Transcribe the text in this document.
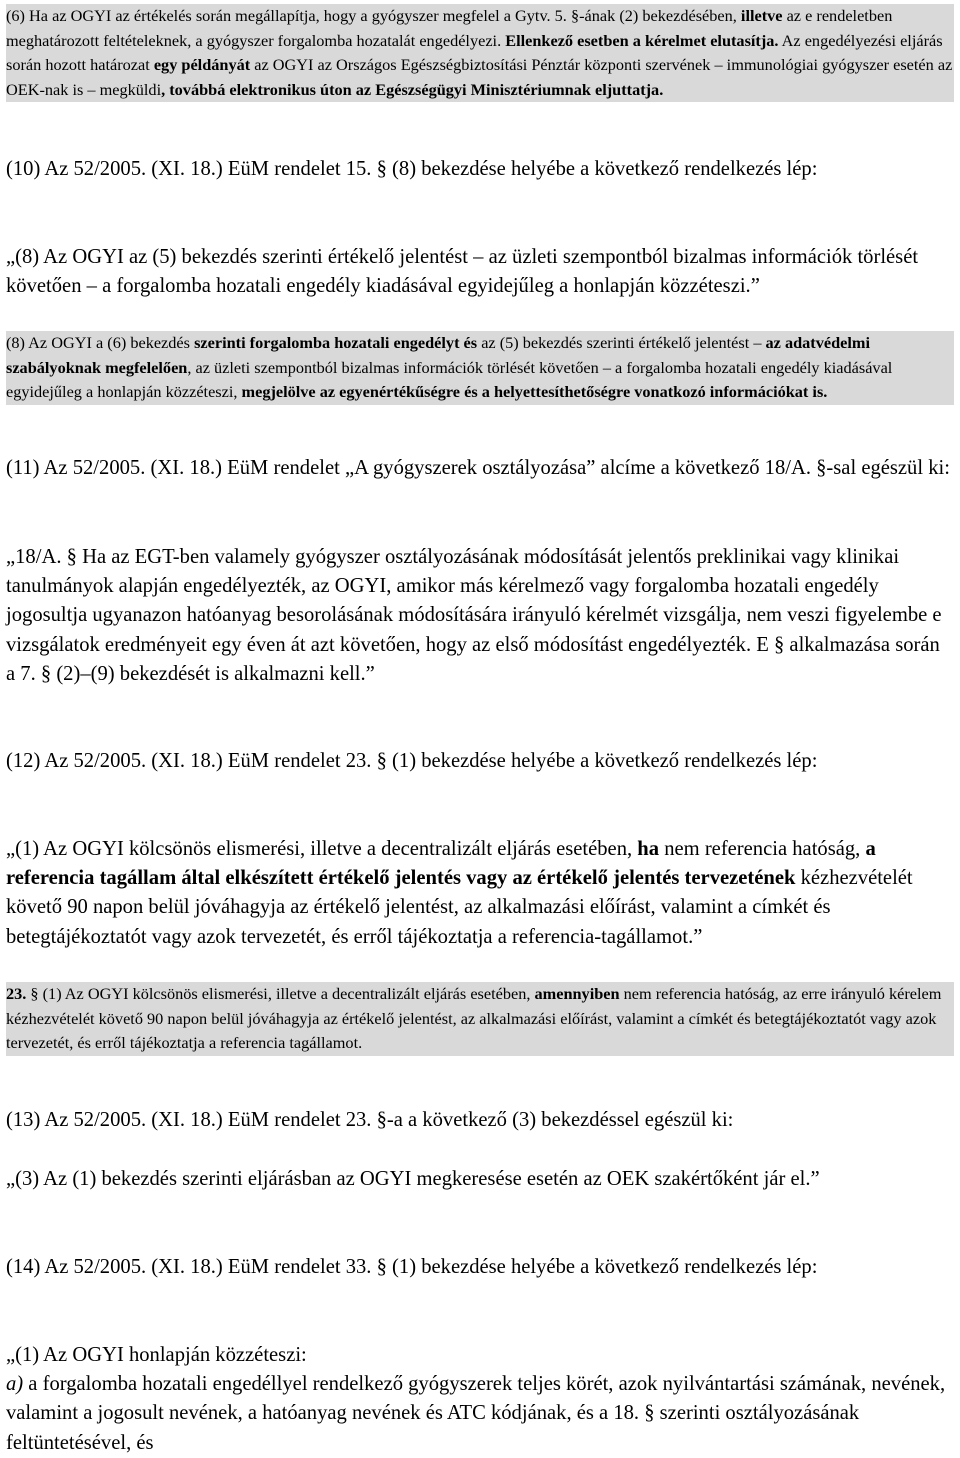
(6) Ha az OGYI az értékelés során megállapítja, hogy a gyógyszer megfelel a Gytv. 5. §-ának (2) bekezdésében, illetve az e rendeletben meghatározott feltételeknek, a gyógyszer forgalomba hozatalát engedélyezi. Ellenkező esetben a kérelmet elutasítja. Az engedélyezési eljárás során hozott határozat egy példányát az OGYI az Országos Egészségbiztosítási Pénztár központi szervének – immunológiai gyógyszer esetén az OEK-nak is – megküldi, továbbá elektronikus úton az Egészségügyi Minisztériumnak eljuttatja.

(10) Az 52/2005. (XI. 18.) EüM rendelet 15. § (8) bekezdése helyébe a következő rendelkezés lép:

„(8) Az OGYI az (5) bekezdés szerinti értékelő jelentést – az üzleti szempontból bizalmas információk törlését követően – a forgalomba hozatali engedély kiadásával egyidejűleg a honlapján közzéteszi.”

(8) Az OGYI a (6) bekezdés szerinti forgalomba hozatali engedélyt és az (5) bekezdés szerinti értékelő jelentést – az adatvédelmi szabályoknak megfelelően, az üzleti szempontból bizalmas információk törlését követően – a forgalomba hozatali engedély kiadásával egyidejűleg a honlapján közzéteszi, megjelölve az egyenértékűségre és a helyettesíthetőségre vonatkozó információkat is.

(11) Az 52/2005. (XI. 18.) EüM rendelet „A gyógyszerek osztályozása” alcíme a következő 18/A. §-sal egészül ki:

„18/A. § Ha az EGT-ben valamely gyógyszer osztályozásának módosítását jelentős preklinikai vagy klinikai tanulmányok alapján engedélyezték, az OGYI, amikor más kérelmező vagy forgalomba hozatali engedély jogosultja ugyanazon hatóanyag besorolásának módosítására irányuló kérelmét vizsgálja, nem veszi figyelembe e vizsgálatok eredményeit egy éven át azt követően, hogy az első módosítást engedélyezték. E § alkalmazása során a 7. § (2)–(9) bekezdését is alkalmazni kell.”

(12) Az 52/2005. (XI. 18.) EüM rendelet 23. § (1) bekezdése helyébe a következő rendelkezés lép:

„(1) Az OGYI kölcsönös elismerési, illetve a decentralizált eljárás esetében, ha nem referencia hatóság, a referencia tagállam által elkészített értékelő jelentés vagy az értékelő jelentés tervezetének kézhezvételét követő 90 napon belül jóváhagyja az értékelő jelentést, az alkalmazási előírást, valamint a címkét és betegtájékoztatót vagy azok tervezetét, és erről tájékoztatja a referencia-tagállamot.”

23. § (1) Az OGYI kölcsönös elismerési, illetve a decentralizált eljárás esetében, amennyiben nem referencia hatóság, az erre irányuló kérelem kézhezvételét követő 90 napon belül jóváhagyja az értékelő jelentést, az alkalmazási előírást, valamint a címkét és betegtájékoztatót vagy azok tervezetét, és erről tájékoztatja a referencia tagállamot.

(13) Az 52/2005. (XI. 18.) EüM rendelet 23. §-a a következő (3) bekezdéssel egészül ki:

„(3) Az (1) bekezdés szerinti eljárásban az OGYI megkeresése esetén az OEK szakértőként jár el.”

(14) Az 52/2005. (XI. 18.) EüM rendelet 33. § (1) bekezdése helyébe a következő rendelkezés lép:

„(1) Az OGYI honlapján közzéteszi:
a) a forgalomba hozatali engedéllyel rendelkező gyógyszerek teljes körét, azok nyilvántartási számának, nevének, valamint a jogosult nevének, a hatóanyag nevének és ATC kódjának, és a 18. § szerinti osztályozásának feltüntetésével, és
